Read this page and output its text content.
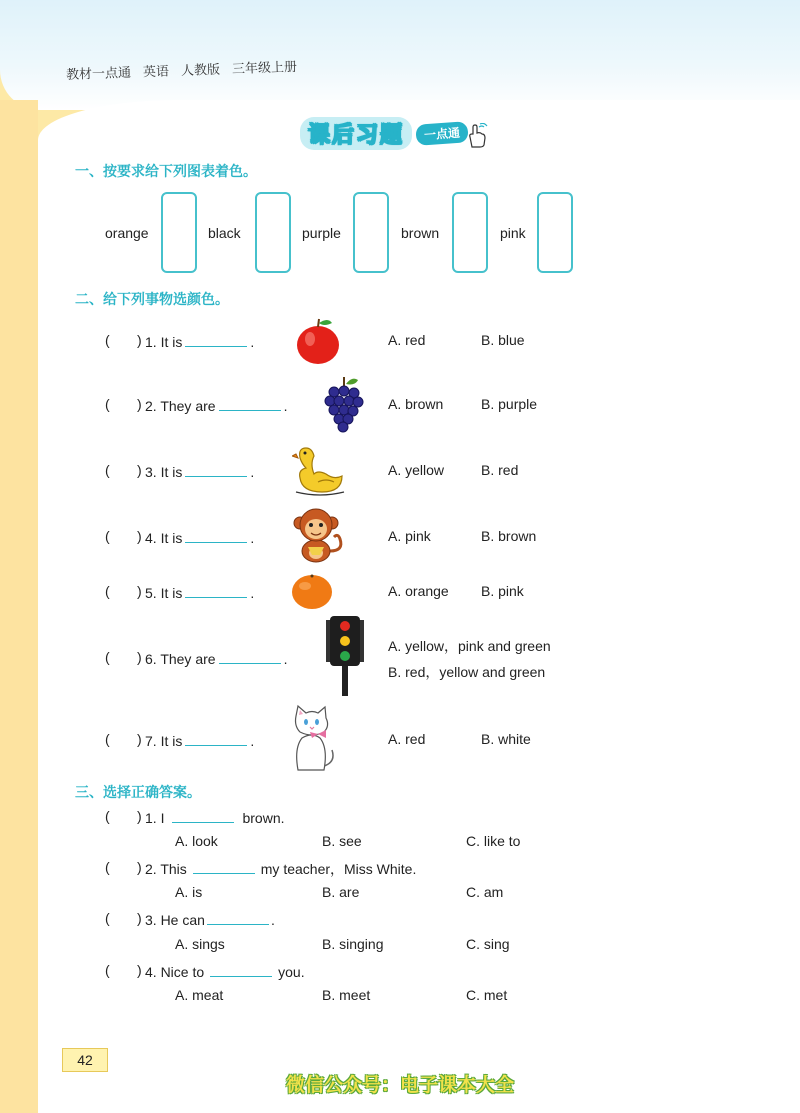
教材一点通 英语 人教版 三年级上册
课后习题	一点通
一、按要求给下列图表着色。
orange	black	purple	brown	pink
二、给下列事物选颜色。
( ) 1. It is	.	A. red	B. blue
( ) 2. They are	.	A. brown	B. purple
( ) 3. It is	.	A. yellow	B. red
( ) 4. It is	.	A. pink	B. brown
( ) 5. It is	.	A. orange B. pink
( ) 6. They are	.
A. yellow，pink and green
B. red，yellow and green
( ) 7. It is	.	A. red	B. white
三、选择正确答案。
( ) 1. I	brown.
A. look	B. see	C. like to
( ) 2. This	my teacher，Miss White.
A. is	B. are	C. am
( ) 3. He can	.
A. sings	B. singing	C. sing
( ) 4. Nice to	you.
A. meat	B. meet	C. met
42
微信公众号：电子课本大全
